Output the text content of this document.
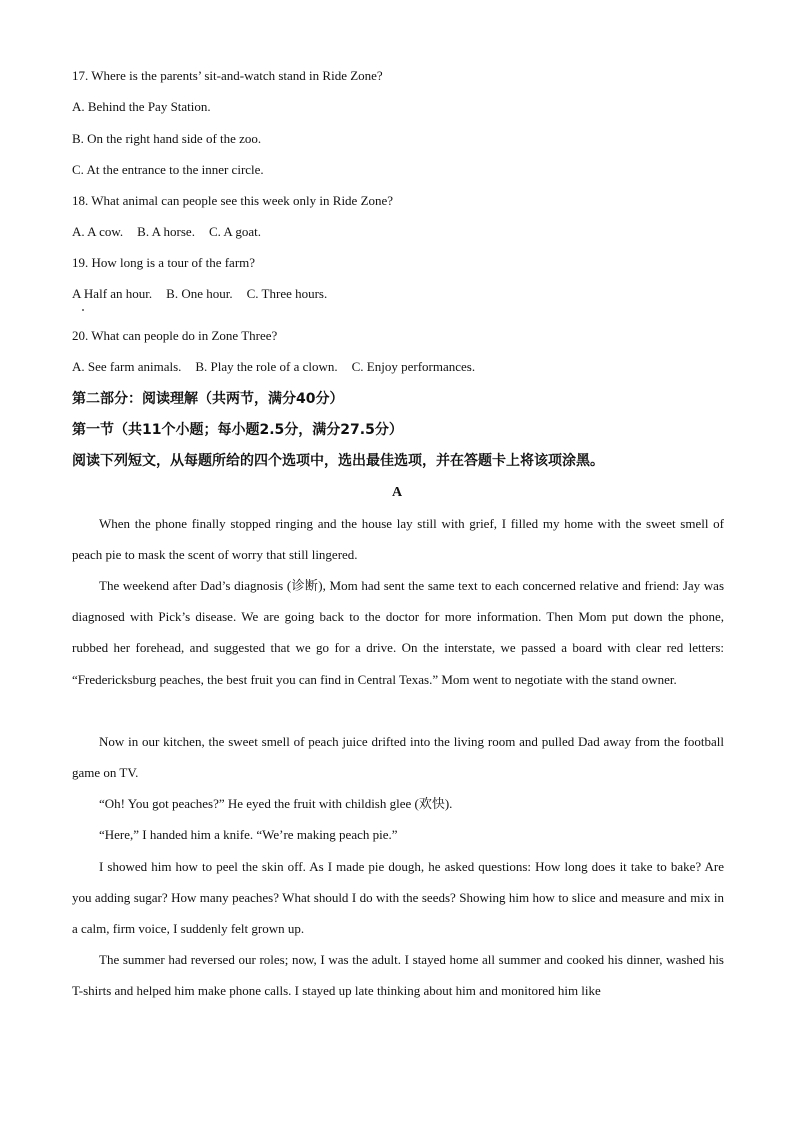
17. Where is the parents’ sit-and-watch stand in Ride Zone?
A. Behind the Pay Station.
B. On the right hand side of the zoo.
C. At the entrance to the inner circle.
18. What animal can people see this week only in Ride Zone?
A. A cow. B. A horse. C. A goat.
19. How long is a tour of the farm?
A Half an hour. B. One hour. C. Three hours.
20. What can people do in Zone Three?
A. See farm animals. B. Play the role of a clown. C. Enjoy performances.
第二部分：阅读理解（共两节，满分40分）
第一节（共11个小题；每小题2.5分，满分27.5分）
阅读下列短文，从每题所给的四个选项中，选出最佳选项，并在答题卡上将该项涂黑。
A

When the phone finally stopped ringing and the house lay still with grief, I filled my home with the sweet smell of peach pie to mask the scent of worry that still lingered.

The weekend after Dad’s diagnosis (诊断), Mom had sent the same text to each concerned relative and friend: Jay was diagnosed with Pick’s disease. We are going back to the doctor for more information. Then Mom put down the phone, rubbed her forehead, and suggested that we go for a drive. On the interstate, we passed a board with clear red letters: “Fredericksburg peaches, the best fruit you can find in Central Texas.” Mom went to negotiate with the stand owner.

Now in our kitchen, the sweet smell of peach juice drifted into the living room and pulled Dad away from the football game on TV.

“Oh! You got peaches?” He eyed the fruit with childish glee (欢快).

“Here,” I handed him a knife. “We’re making peach pie.”

I showed him how to peel the skin off. As I made pie dough, he asked questions: How long does it take to bake? Are you adding sugar? How many peaches? What should I do with the seeds? Showing him how to slice and measure and mix in a calm, firm voice, I suddenly felt grown up.

The summer had reversed our roles; now, I was the adult. I stayed home all summer and cooked his dinner, washed his T-shirts and helped him make phone calls. I stayed up late thinking about him and monitored him like
